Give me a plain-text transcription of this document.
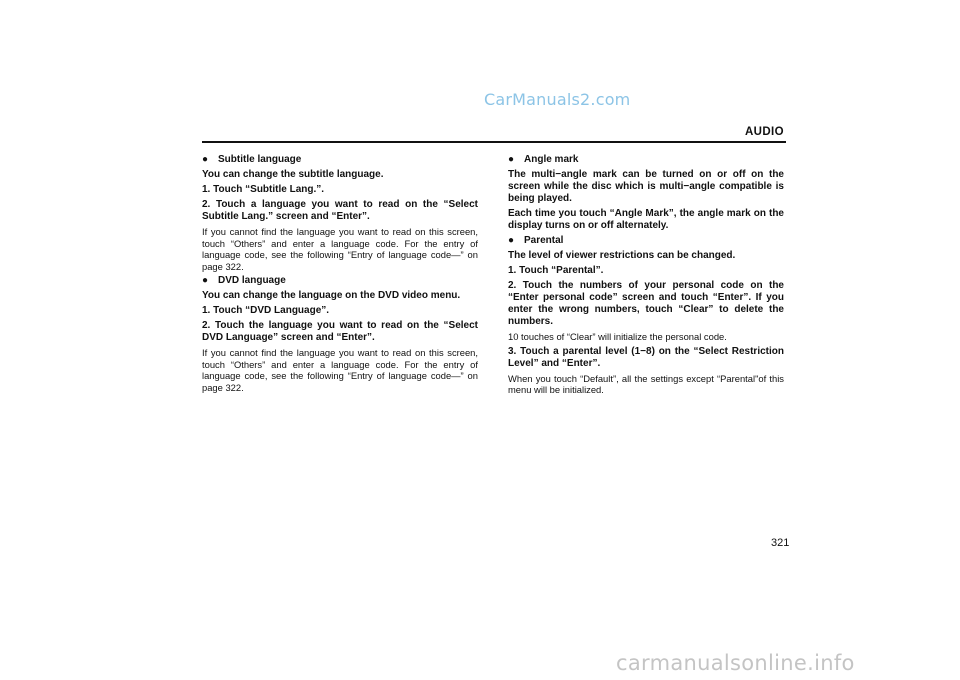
CarManuals2.com
AUDIO

● Subtitle language

You can change the subtitle language.

1. Touch “Subtitle Lang.”.

2. Touch a language you want to read on the “Select Subtitle Lang.” screen and “Enter”.

If you cannot find the language you want to read on this screen, touch “Others” and enter a language code. For the entry of language code, see the following “Entry of language code—” on page 322.

● DVD language

You can change the language on the DVD video menu.

1. Touch “DVD Language”.

2. Touch the language you want to read on the “Select DVD Language” screen and “Enter”.

If you cannot find the language you want to read on this screen, touch “Others” and enter a language code. For the entry of language code, see the following “Entry of language code—” on page 322.

● Angle mark

The multi−angle mark can be turned on or off on the screen while the disc which is multi−angle compatible is being played.

Each time you touch “Angle Mark”, the angle mark on the display turns on or off alternately.

● Parental

The level of viewer restrictions can be changed.

1. Touch “Parental”.

2. Touch the numbers of your personal code on the “Enter personal code” screen and touch “Enter”. If you enter the wrong numbers, touch “Clear” to delete the numbers.

10 touches of “Clear” will initialize the personal code.

3. Touch a parental level (1−8) on the “Select Restriction Level” and “Enter”.

When you touch “Default”, all the settings except “Parental"of this menu will be initialized.

321
carmanualsonline.info
